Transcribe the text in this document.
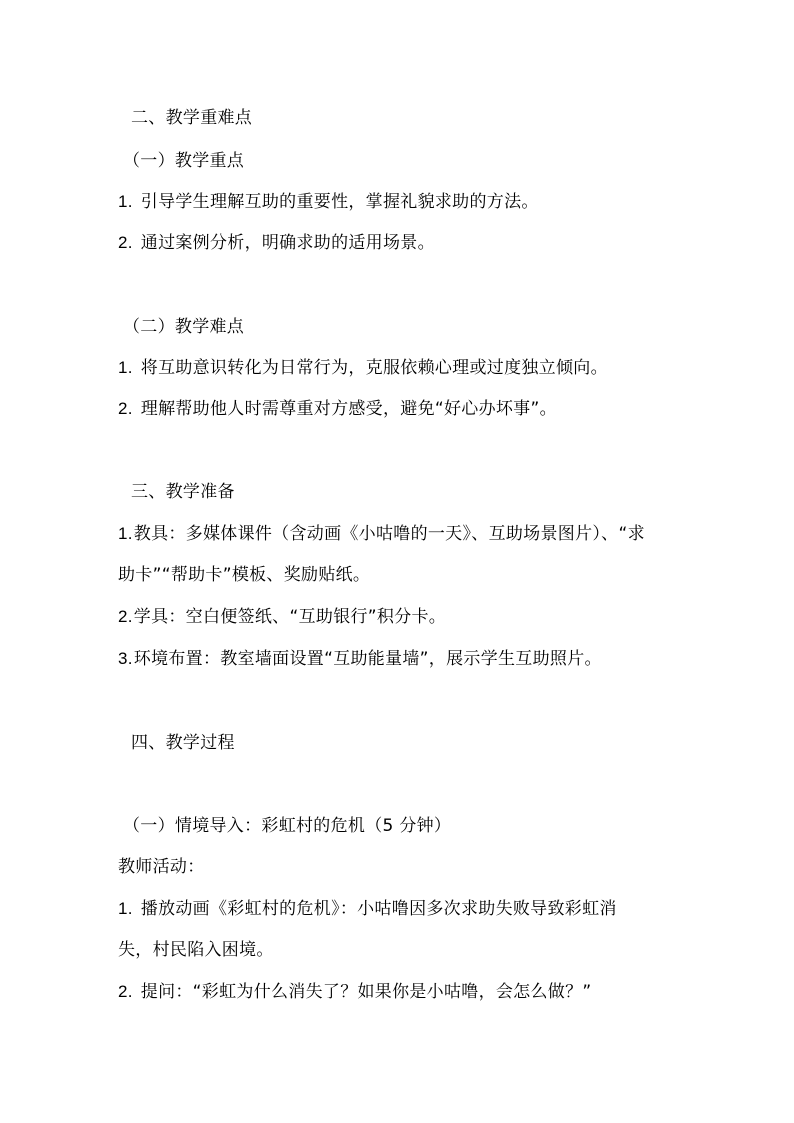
二、教学重难点
（一）教学重点
1. 引导学生理解互助的重要性，掌握礼貌求助的方法。
2. 通过案例分析，明确求助的适用场景。
（二）教学难点
1. 将互助意识转化为日常行为，克服依赖心理或过度独立倾向。
2. 理解帮助他人时需尊重对方感受，避免“好心办坏事”。
三、教学准备
1.教具：多媒体课件（含动画《小咕噜的一天》、互助场景图片）、“求
助卡”“帮助卡”模板、奖励贴纸。
2.学具：空白便签纸、“互助银行”积分卡。
3.环境布置：教室墙面设置“互助能量墙”，展示学生互助照片。
四、教学过程
（一）情境导入：彩虹村的危机（5 分钟）
教师活动：
1. 播放动画《彩虹村的危机》：小咕噜因多次求助失败导致彩虹消
失，村民陷入困境。
2. 提问：“彩虹为什么消失了？如果你是小咕噜，会怎么做？”
